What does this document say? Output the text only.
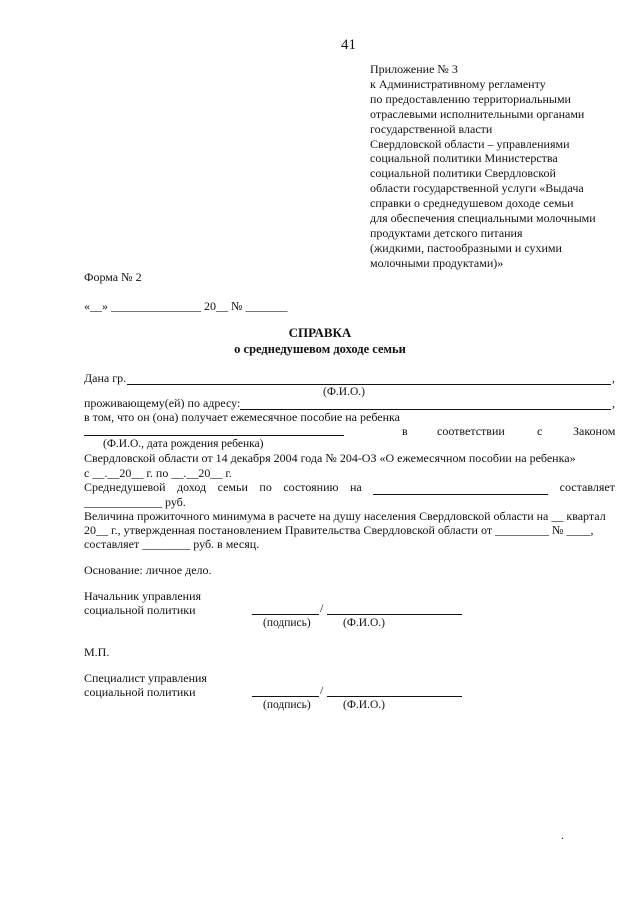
41
Приложение № 3
к Административному регламенту
по предоставлению территориальными
отраслевыми исполнительными органами
государственной власти
Свердловской области – управлениями
социальной политики Министерства
социальной политики Свердловской
области государственной услуги «Выдача
справки о среднедушевом доходе семьи
для обеспечения специальными молочными
продуктами детского питания
(жидкими, пастообразными и сухими
молочными продуктами)»
Форма № 2
«__» _______________ 20__ № _______
СПРАВКА
о среднедушевом доходе семьи
Дана гр.	,
(Ф.И.О.)
проживающему(ей) по адресу:	,
в том, что он (она) получает ежемесячное пособие на ребенка
в соответствии	с	Законом
(Ф.И.О., дата рождения ребенка)
Свердловской области от 14 декабря 2004 года № 204-ОЗ «О ежемесячном пособии на ребенка»
с __.__20__ г. по __.__20__ г.
Среднедушевой доход семьи по состоянию на	составляет
_____________ руб.
Величина прожиточного минимума в расчете на душу населения Свердловской области на __ квартал
20__ г., утвержденная постановлением Правительства Свердловской области от _________ № ____,
составляет ________ руб. в месяц.
Основание: личное дело.
Начальник управления
социальной политики	/
(подпись)	(Ф.И.О.)
М.П.
Специалист управления
социальной политики	/
(подпись)	(Ф.И.О.)
.
